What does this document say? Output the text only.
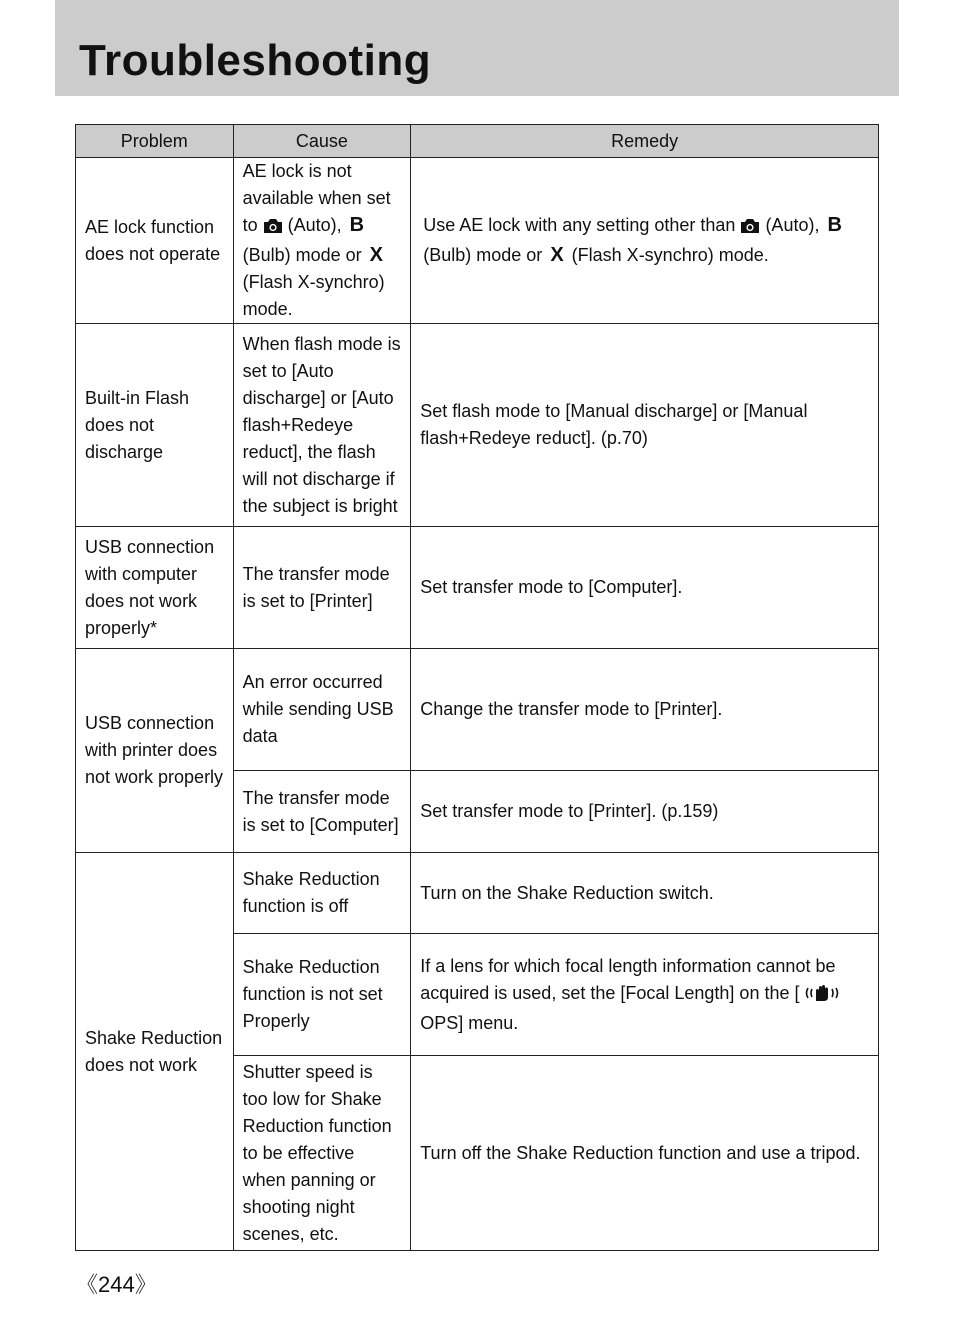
Troubleshooting
Problem	Cause	Remedy
AE lock function does not operate	AE lock is not available when set to (Auto), B (Bulb) mode or X (Flash X-synchro) mode.	Use AE lock with any setting other than (Auto), B (Bulb) mode or X (Flash X-synchro) mode.
Built-in Flash does not discharge	When flash mode is set to [Auto discharge] or [Auto flash+Redeye reduct], the flash will not discharge if the subject is bright	Set flash mode to [Manual discharge] or [Manual flash+Redeye reduct]. (p.70)
USB connection with computer does not work properly*	The transfer mode is set to [Printer]	Set transfer mode to [Computer].
USB connection with printer does not work properly	An error occurred while sending USB data	Change the transfer mode to [Printer].
	The transfer mode is set to [Computer]	Set transfer mode to [Printer]. (p.159)
Shake Reduction does not work	Shake Reduction function is off	Turn on the Shake Reduction switch.
	Shake Reduction function is not set Properly	If a lens for which focal length information cannot be acquired is used, set the [Focal Length] on the [  OPS] menu.
	Shutter speed is too low for Shake Reduction function to be effective when panning or shooting night scenes, etc.	Turn off the Shake Reduction function and use a tripod.
《244》
